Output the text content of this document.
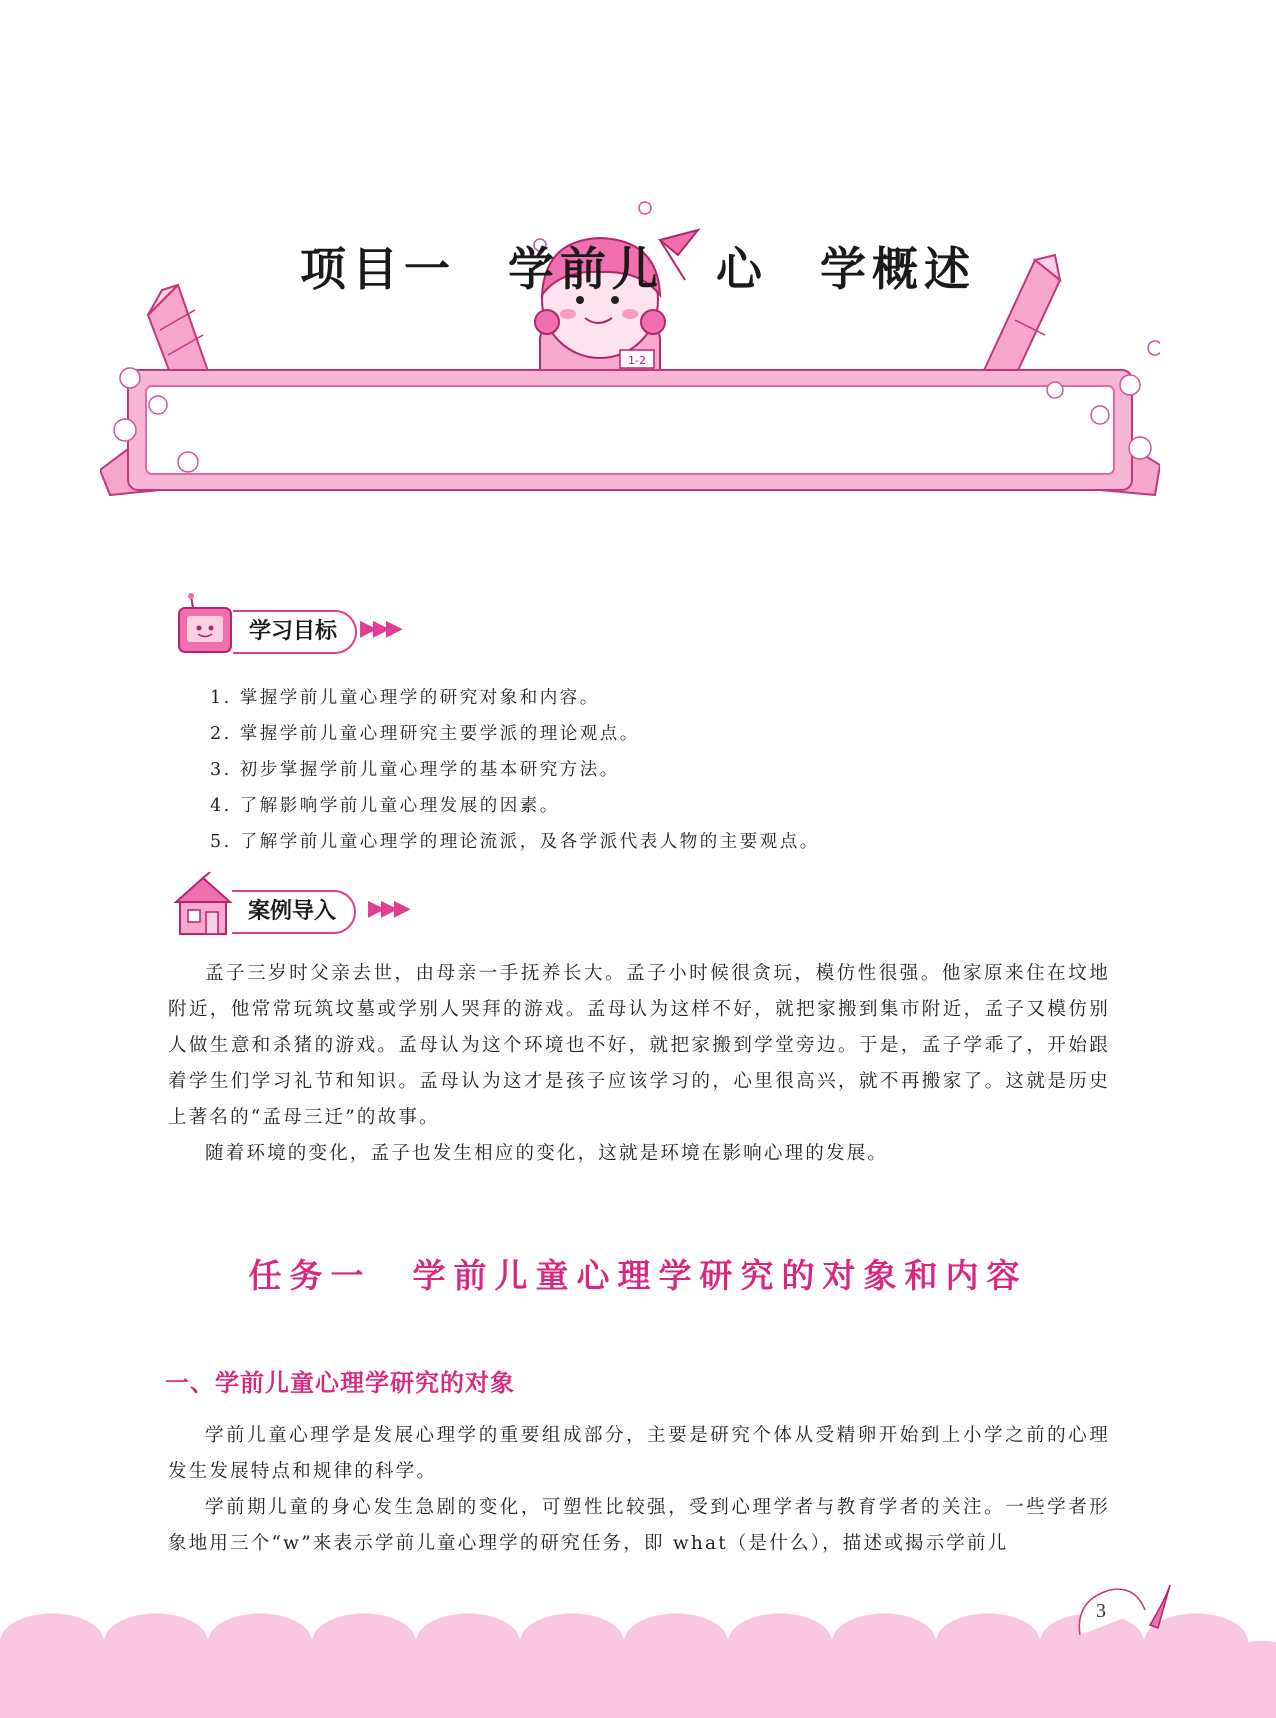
1-2
项目一　学前儿　心　学概述
学习目标	▶▶▶
1. 掌握学前儿童心理学的研究对象和内容。
2. 掌握学前儿童心理研究主要学派的理论观点。
3. 初步掌握学前儿童心理学的基本研究方法。
4. 了解影响学前儿童心理发展的因素。
5. 了解学前儿童心理学的理论流派，及各学派代表人物的主要观点。
案例导入	▶▶▶

孟子三岁时父亲去世，由母亲一手抚养长大。孟子小时候很贪玩，模仿性很强。他家原来住在坟地附近，他常常玩筑坟墓或学别人哭拜的游戏。孟母认为这样不好，就把家搬到集市附近，孟子又模仿别人做生意和杀猪的游戏。孟母认为这个环境也不好，就把家搬到学堂旁边。于是，孟子学乖了，开始跟着学生们学习礼节和知识。孟母认为这才是孩子应该学习的，心里很高兴，就不再搬家了。这就是历史上著名的“孟母三迁”的故事。

随着环境的变化，孟子也发生相应的变化，这就是环境在影响心理的发展。

任务一　学前儿童心理学研究的对象和内容
一、学前儿童心理学研究的对象

学前儿童心理学是发展心理学的重要组成部分，主要是研究个体从受精卵开始到上小学之前的心理发生发展特点和规律的科学。

学前期儿童的身心发生急剧的变化，可塑性比较强，受到心理学者与教育学者的关注。一些学者形象地用三个“w”来表示学前儿童心理学的研究任务，即 what（是什么），描述或揭示学前儿

3
